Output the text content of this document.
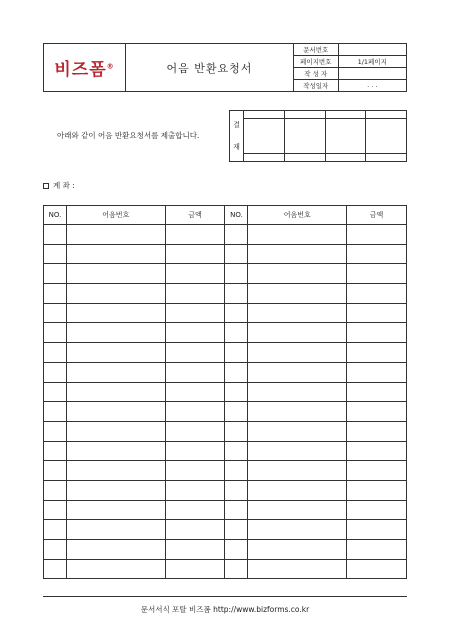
비즈폼®	어음 반환요청서
문서번호	
페이지번호	1/1페이지
작 성 자	
작성일자	. . .
결
재				

아래와 같이 어음 반환요청서를 제출합니다.
계 좌 :
NO.	어음번호	금액	NO.	어음번호	금액

문서서식 포탈 비즈폼 http://www.bizforms.co.kr
